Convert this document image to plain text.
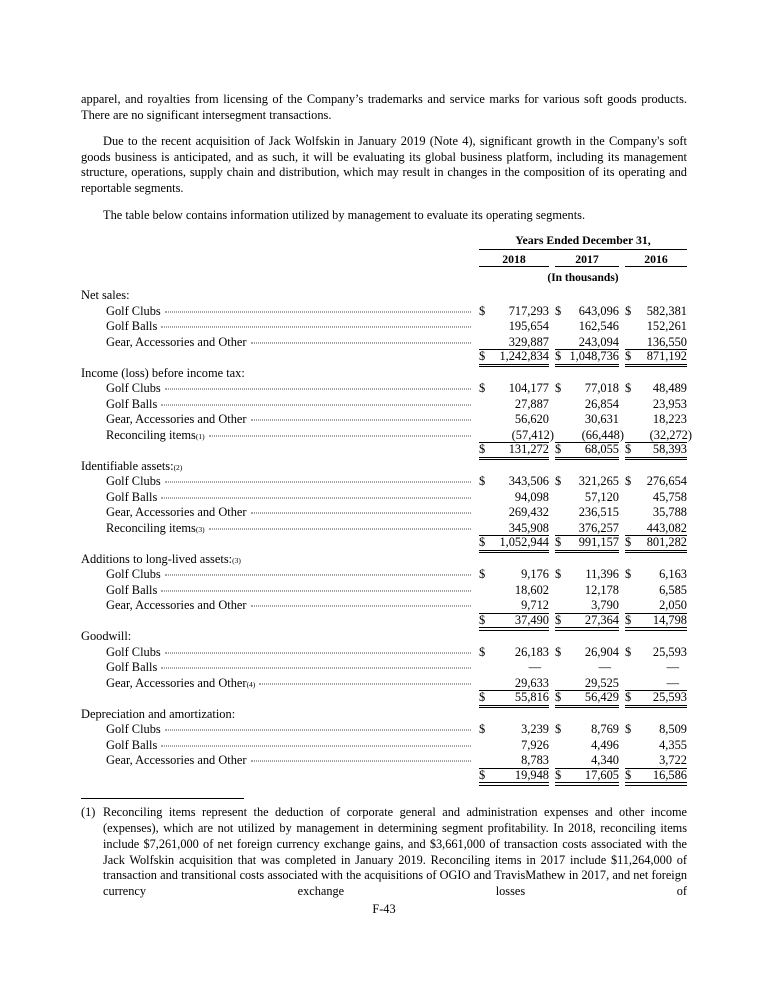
apparel, and royalties from licensing of the Company’s trademarks and service marks for various soft goods products. There are no significant intersegment transactions.

Due to the recent acquisition of Jack Wolfskin in January 2019 (Note 4), significant growth in the Company's soft goods business is anticipated, and as such, it will be evaluating its global business platform, including its management structure, operations, supply chain and distribution, which may result in changes in the composition of its operating and reportable segments.

The table below contains information utilized by management to evaluate its operating segments.

Years Ended December 31,
2018	2017	2016
(In thousands)
Net sales:
Golf Clubs	$ 717,293 $ 643,096 $ 582,381
Golf Balls	195,654 162,546 152,261
Gear, Accessories and Other	329,887 243,094 136,550
$ 1,242,834 $ 1,048,736 $ 871,192
Income (loss) before income tax:
Golf Clubs	$ 104,177 $ 77,018 $ 48,489
Golf Balls	27,887	26,854	23,953
Gear, Accessories and Other	56,620	30,631	18,223
Reconciling items (1)	(57,412) (66,448) (32,272)
$ 131,272 $ 68,055 $ 58,393
Identifiable assets: (2)
Golf Clubs	$ 343,506 $ 321,265 $ 276,654
Golf Balls	94,098	57,120	45,758
Gear, Accessories and Other	269,432 236,515	35,788
Reconciling items (3)	345,908 376,257 443,082
$ 1,052,944 $ 991,157 $ 801,282
Additions to long-lived assets: (3)
Golf Clubs	$	9,176 $ 11,396 $ 6,163
Golf Balls	18,602	12,178	6,585
Gear, Accessories and Other	9,712	3,790	2,050
$ 37,490 $ 27,364 $ 14,798
Goodwill:
Golf Clubs	$ 26,183 $ 26,904 $ 25,593
Golf Balls	—	—	—
Gear, Accessories and Other (4)	29,633	29,525	—
$ 55,816 $ 56,429 $ 25,593
Depreciation and amortization:
Golf Clubs	$	3,239 $ 8,769 $ 8,509
Golf Balls	7,926	4,496	4,355
Gear, Accessories and Other	8,783	4,340	3,722
$ 19,948 $ 17,605 $ 16,586
(1) Reconciling items represent the deduction of corporate general and administration expenses and other income (expenses), which are not utilized by management in determining segment profitability. In 2018, reconciling items include $7,261,000 of net foreign currency exchange gains, and $3,661,000 of transaction costs associated with the Jack Wolfskin acquisition that was completed in January 2019. Reconciling items in 2017 include $11,264,000 of transaction and transitional costs associated with the acquisitions of OGIO and TravisMathew in 2017, and net foreign currency exchange losses of
F-43
